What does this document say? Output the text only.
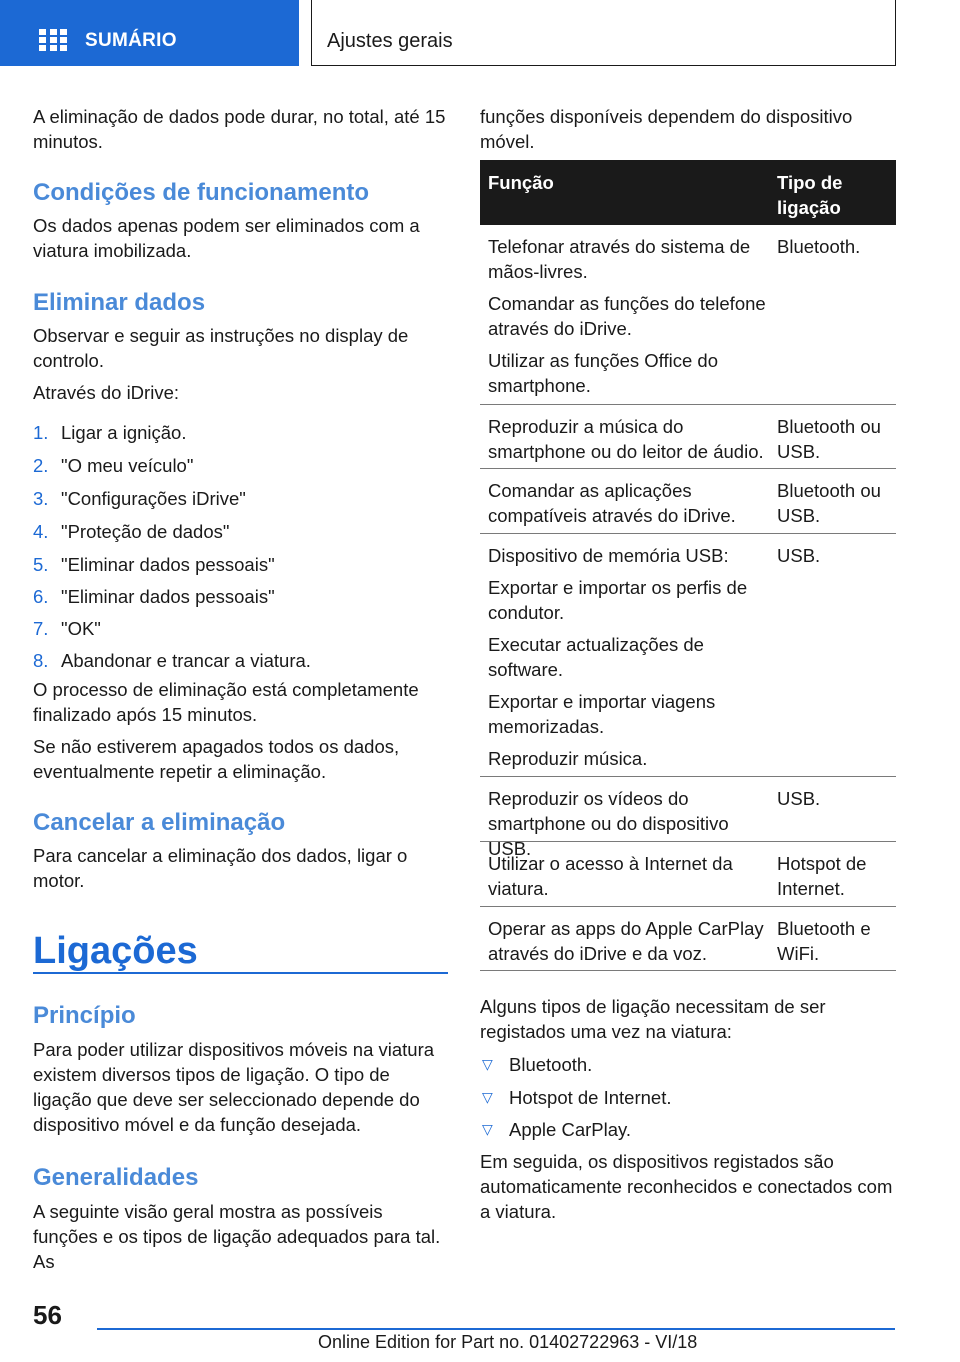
SUMÁRIO	Ajustes gerais
A eliminação de dados pode durar, no total, até 15 minutos.
Condições de funcionamento
Os dados apenas podem ser eliminados com a viatura imobilizada.
Eliminar dados
Observar e seguir as instruções no display de controlo.
Através do iDrive:
1. Ligar a ignição.
2. "O meu veículo"
3. "Configurações iDrive"
4. "Proteção de dados"
5. "Eliminar dados pessoais"
6. "Eliminar dados pessoais"
7. "OK"
8. Abandonar e trancar a viatura.
O processo de eliminação está completamente finalizado após 15 minutos.
Se não estiverem apagados todos os dados, eventualmente repetir a eliminação.
Cancelar a eliminação
Para cancelar a eliminação dos dados, ligar o motor.
Ligações
Princípio
Para poder utilizar dispositivos móveis na viatura existem diversos tipos de ligação. O tipo de ligação que deve ser seleccionado depende do dispositivo móvel e da função desejada.
Generalidades
A seguinte visão geral mostra as possíveis funções e os tipos de ligação adequados para tal. As
funções disponíveis dependem do dispositivo móvel.
Função	Tipo de ligação
Telefonar através do sistema de mãos-livres.
Comandar as funções do telefone através do iDrive.
Utilizar as funções Office do smartphone.
Bluetooth.
Reproduzir a música do smartphone ou do leitor de áudio.
Bluetooth ou USB.
Comandar as aplicações compatíveis através do iDrive.
Bluetooth ou USB.
Dispositivo de memória USB:
Exportar e importar os perfis de condutor.
Executar actualizações de software.
Exportar e importar viagens memorizadas.
Reproduzir música.
USB.
Reproduzir os vídeos do smartphone ou do dispositivo USB.
USB.
Utilizar o acesso à Internet da viatura.
Hotspot de Internet.
Operar as apps do Apple CarPlay através do iDrive e da voz.
Bluetooth e WiFi.
Alguns tipos de ligação necessitam de ser registados uma vez na viatura:
▽ Bluetooth.
▽ Hotspot de Internet.
▽ Apple CarPlay.
Em seguida, os dispositivos registados são automaticamente reconhecidos e conectados com a viatura.
56
Online Edition for Part no. 01402722963 - VI/18
